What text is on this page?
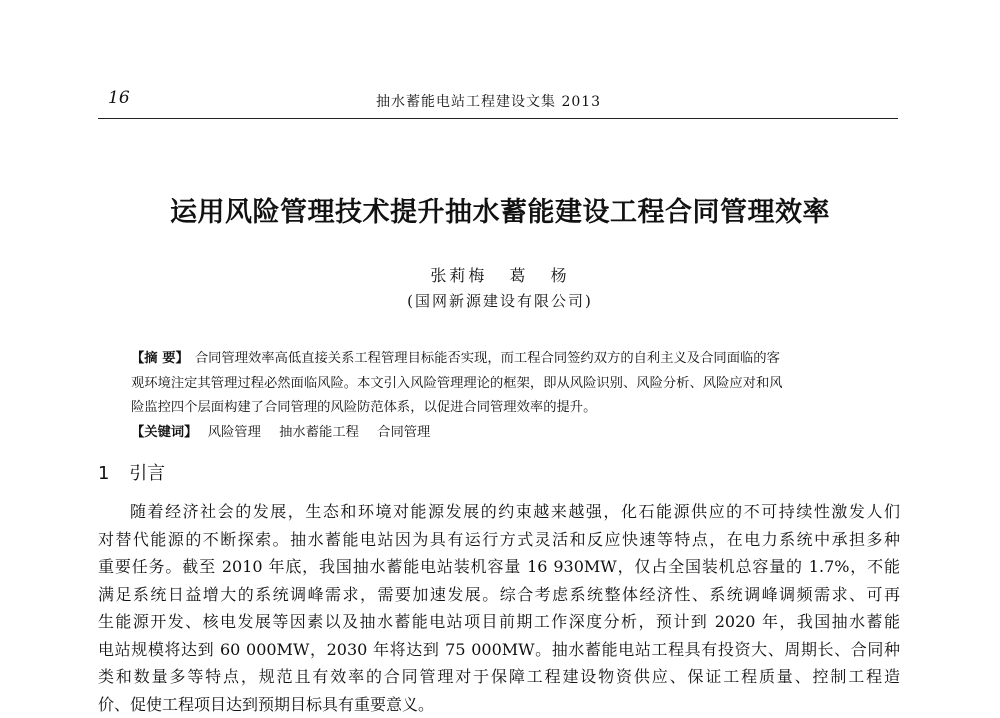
16	抽水蓄能电站工程建设文集 2013
运用风险管理技术提升抽水蓄能建设工程合同管理效率
张莉梅 葛 杨
(国网新源建设有限公司)
【摘 要】 合同管理效率高低直接关系工程管理目标能否实现，而工程合同签约双方的自利主义及合同面临的客
观环境注定其管理过程必然面临风险。本文引入风险管理理论的框架，即从风险识别、风险分析、风险应对和风
险监控四个层面构建了合同管理的风险防范体系，以促进合同管理效率的提升。
【关键词】 风险管理 抽水蓄能工程 合同管理
1 引言
随着经济社会的发展，生态和环境对能源发展的约束越来越强，化石能源供应的不可持续性激发人们
对替代能源的不断探索。抽水蓄能电站因为具有运行方式灵活和反应快速等特点，在电力系统中承担多种
重要任务。截至 2010 年底，我国抽水蓄能电站装机容量 16 930MW，仅占全国装机总容量的 1.7%，不能
满足系统日益增大的系统调峰需求，需要加速发展。综合考虑系统整体经济性、系统调峰调频需求、可再
生能源开发、核电发展等因素以及抽水蓄能电站项目前期工作深度分析，预计到 2020 年，我国抽水蓄能
电站规模将达到 60 000MW，2030 年将达到 75 000MW。抽水蓄能电站工程具有投资大、周期长、合同种
类和数量多等特点，规范且有效率的合同管理对于保障工程建设物资供应、保证工程质量、控制工程造
价、促使工程项目达到预期目标具有重要意义。
